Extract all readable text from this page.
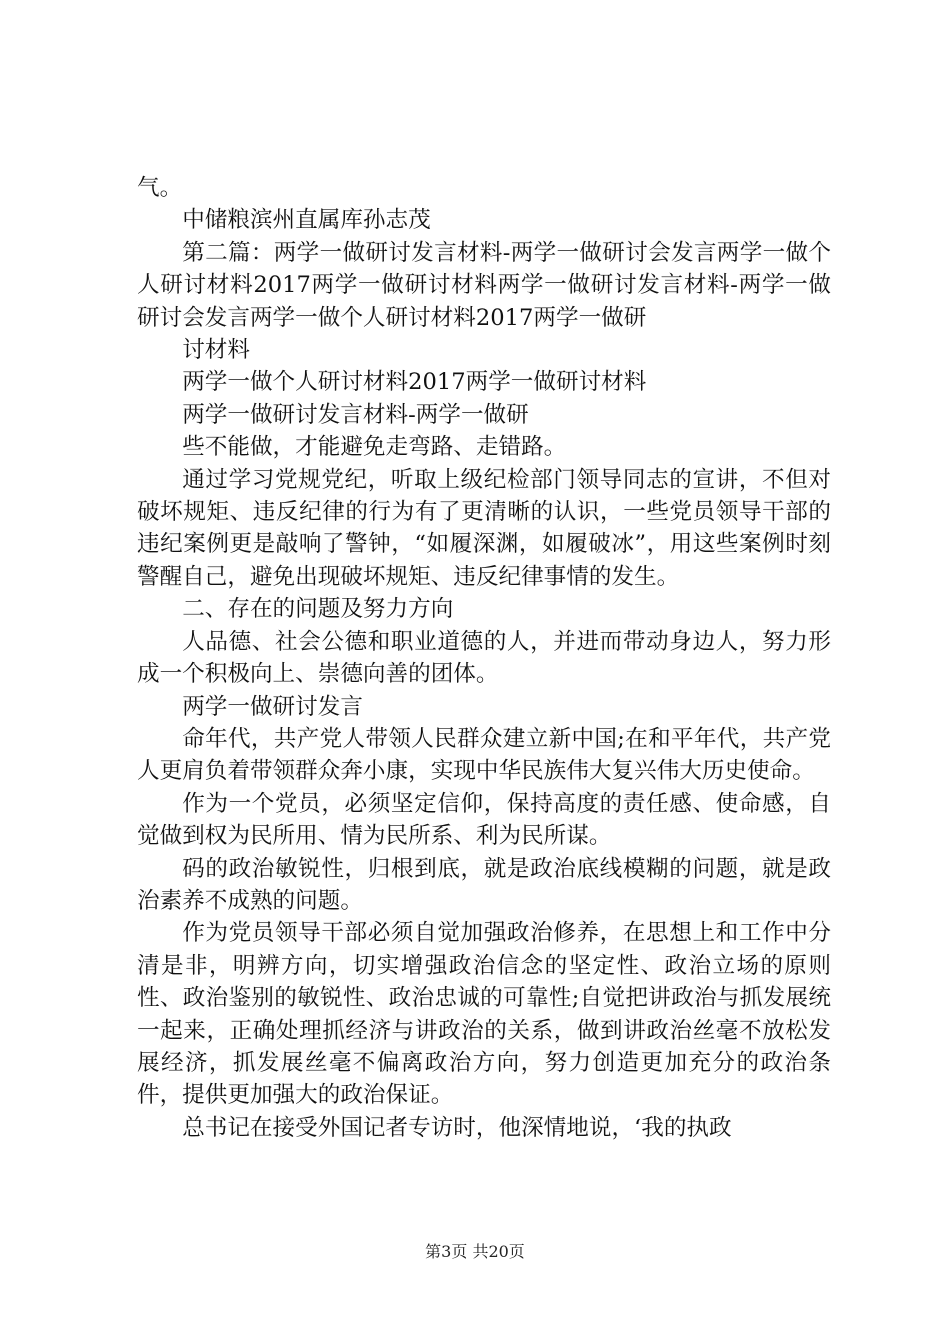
气。

中储粮滨州直属库孙志茂

第二篇：两学一做研讨发言材料-两学一做研讨会发言两学一做个人研讨材料2017两学一做研讨材料两学一做研讨发言材料-两学一做研讨会发言两学一做个人研讨材料2017两学一做研

讨材料

两学一做个人研讨材料2017两学一做研讨材料

两学一做研讨发言材料-两学一做研

些不能做，才能避免走弯路、走错路。

通过学习党规党纪，听取上级纪检部门领导同志的宣讲，不但对破坏规矩、违反纪律的行为有了更清晰的认识，一些党员领导干部的违纪案例更是敲响了警钟，“如履深渊，如履破冰”，用这些案例时刻警醒自己，避免出现破坏规矩、违反纪律事情的发生。

二、存在的问题及努力方向

人品德、社会公德和职业道德的人，并进而带动身边人，努力形成一个积极向上、崇德向善的团体。

两学一做研讨发言

命年代，共产党人带领人民群众建立新中国;在和平年代，共产党人更肩负着带领群众奔小康，实现中华民族伟大复兴伟大历史使命。

作为一个党员，必须坚定信仰，保持高度的责任感、使命感，自觉做到权为民所用、情为民所系、利为民所谋。

码的政治敏锐性，归根到底，就是政治底线模糊的问题，就是政治素养不成熟的问题。

作为党员领导干部必须自觉加强政治修养，在思想上和工作中分清是非，明辨方向，切实增强政治信念的坚定性、政治立场的原则性、政治鉴别的敏锐性、政治忠诚的可靠性;自觉把讲政治与抓发展统一起来，正确处理抓经济与讲政治的关系，做到讲政治丝毫不放松发展经济，抓发展丝毫不偏离政治方向，努力创造更加充分的政治条件，提供更加强大的政治保证。

总书记在接受外国记者专访时，他深情地说，‘我的执政

第3页 共20页
